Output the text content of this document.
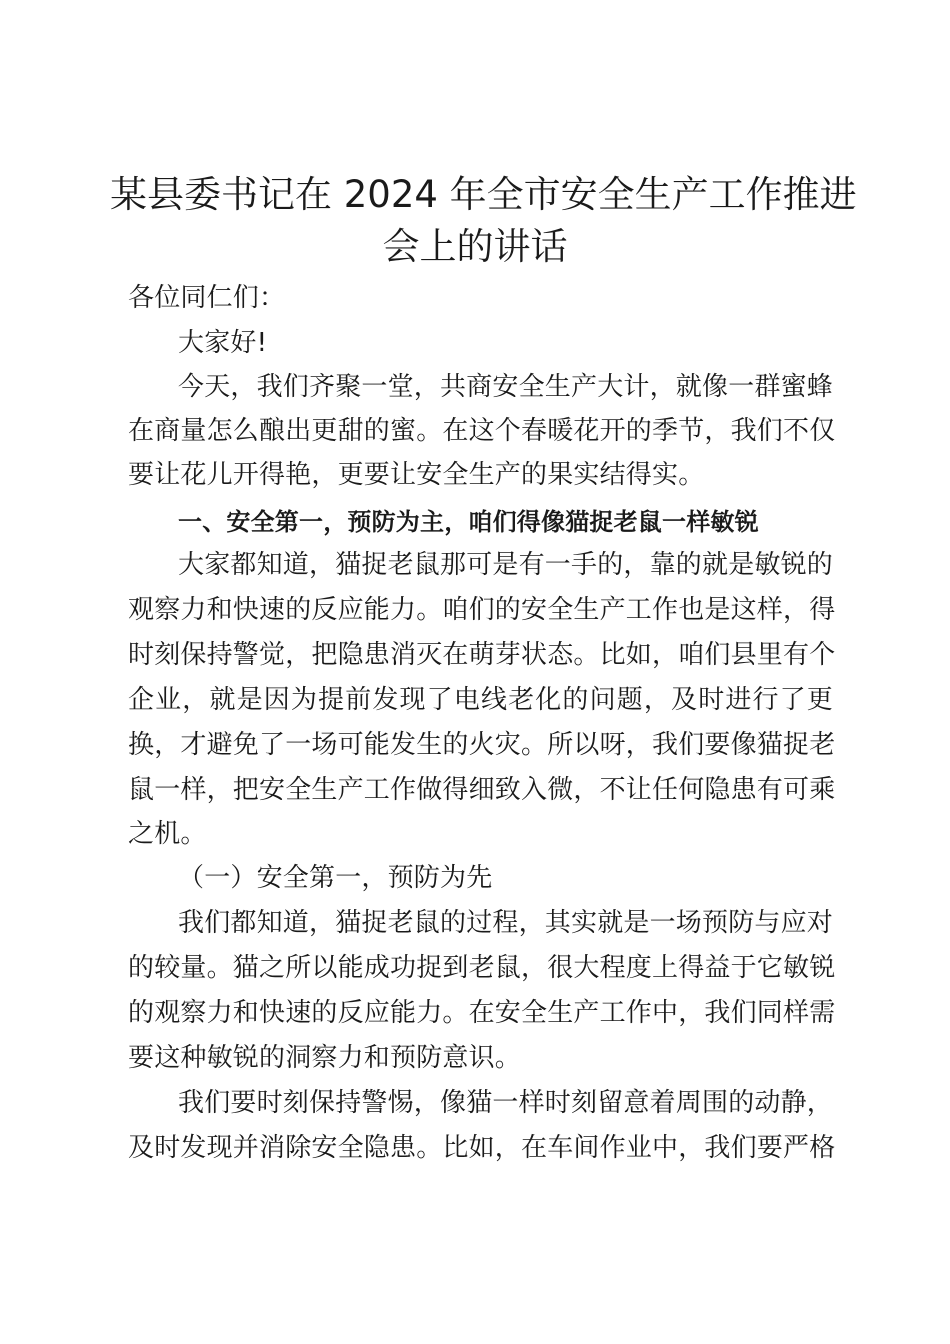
某县委书记在 2024 年全市安全生产工作推进
会上的讲话

各位同仁们：

大家好!

今天，我们齐聚一堂，共商安全生产大计，就像一群蜜蜂

在商量怎么酿出更甜的蜜。在这个春暖花开的季节，我们不仅

要让花儿开得艳，更要让安全生产的果实结得实。

一、安全第一，预防为主，咱们得像猫捉老鼠一样敏锐

大家都知道，猫捉老鼠那可是有一手的，靠的就是敏锐的

观察力和快速的反应能力。咱们的安全生产工作也是这样，得

时刻保持警觉，把隐患消灭在萌芽状态。比如，咱们县里有个

企业，就是因为提前发现了电线老化的问题，及时进行了更

换，才避免了一场可能发生的火灾。所以呀，我们要像猫捉老

鼠一样，把安全生产工作做得细致入微，不让任何隐患有可乘

之机。

（一）安全第一，预防为先

我们都知道，猫捉老鼠的过程，其实就是一场预防与应对

的较量。猫之所以能成功捉到老鼠，很大程度上得益于它敏锐

的观察力和快速的反应能力。在安全生产工作中，我们同样需

要这种敏锐的洞察力和预防意识。

我们要时刻保持警惕，像猫一样时刻留意着周围的动静，

及时发现并消除安全隐患。比如，在车间作业中，我们要严格
